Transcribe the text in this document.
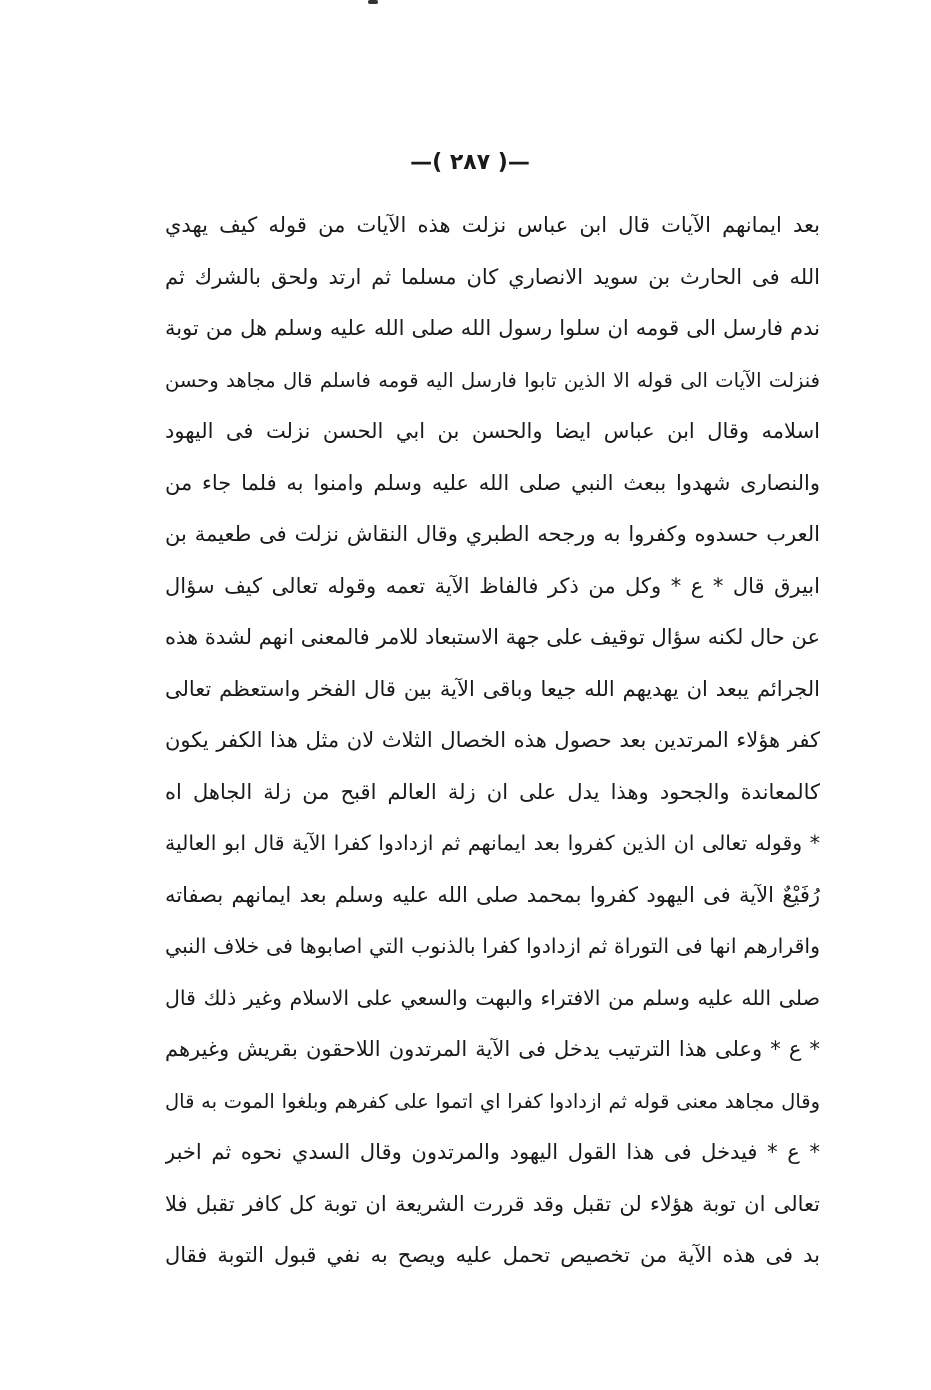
—( ٢٨٧ )—
بعد ايمانهم الآيات قال ابن عباس نزلت هذه الآيات من قوله كيف يهدي
الله فى الحارث بن سويد الانصاري كان مسلما ثم ارتد ولحق بالشرك ثم
ندم فارسل الى قومه ان سلوا رسول الله صلى الله عليه وسلم هل من توبة
فنزلت الآيات الى قوله الا الذين تابوا فارسل اليه قومه فاسلم قال مجاهد وحسن
اسلامه وقال ابن عباس ايضا والحسن بن ابي الحسن نزلت فى اليهود
والنصارى شهدوا ببعث النبي صلى الله عليه وسلم وامنوا به فلما جاء من
العرب حسدوه وكفروا به ورجحه الطبري وقال النقاش نزلت فى طعيمة بن
ابيرق قال * ع * وكل من ذكر فالفاظ الآية تعمه وقوله تعالى كيف سؤال
عن حال لكنه سؤال توقيف على جهة الاستبعاد للامر فالمعنى انهم لشدة هذه
الجرائم يبعد ان يهديهم الله جيعا وباقى الآية بين قال الفخر واستعظم تعالى
كفر هؤلاء المرتدين بعد حصول هذه الخصال الثلاث لان مثل هذا الكفر يكون
كالمعاندة والجحود وهذا يدل على ان زلة العالم اقبح من زلة الجاهل اه
* وقوله تعالى ان الذين كفروا بعد ايمانهم ثم ازدادوا كفرا الآية قال ابو العالية
رُفَيْعٌ الآية فى اليهود كفروا بمحمد صلى الله عليه وسلم بعد ايمانهم بصفاته
واقرارهم انها فى التوراة ثم ازدادوا كفرا بالذنوب التي اصابوها فى خلاف النبي
صلى الله عليه وسلم من الافتراء والبهت والسعي على الاسلام وغير ذلك قال
* ع * وعلى هذا الترتيب يدخل فى الآية المرتدون اللاحقون بقريش وغيرهم
وقال مجاهد معنى قوله ثم ازدادوا كفرا اي اتموا على كفرهم وبلغوا الموت به قال
* ع * فيدخل فى هذا القول اليهود والمرتدون وقال السدي نحوه ثم اخبر
تعالى ان توبة هؤلاء لن تقبل وقد قررت الشريعة ان توبة كل كافر تقبل فلا
بد فى هذه الآية من تخصيص تحمل عليه ويصح به نفي قبول التوبة فقال
